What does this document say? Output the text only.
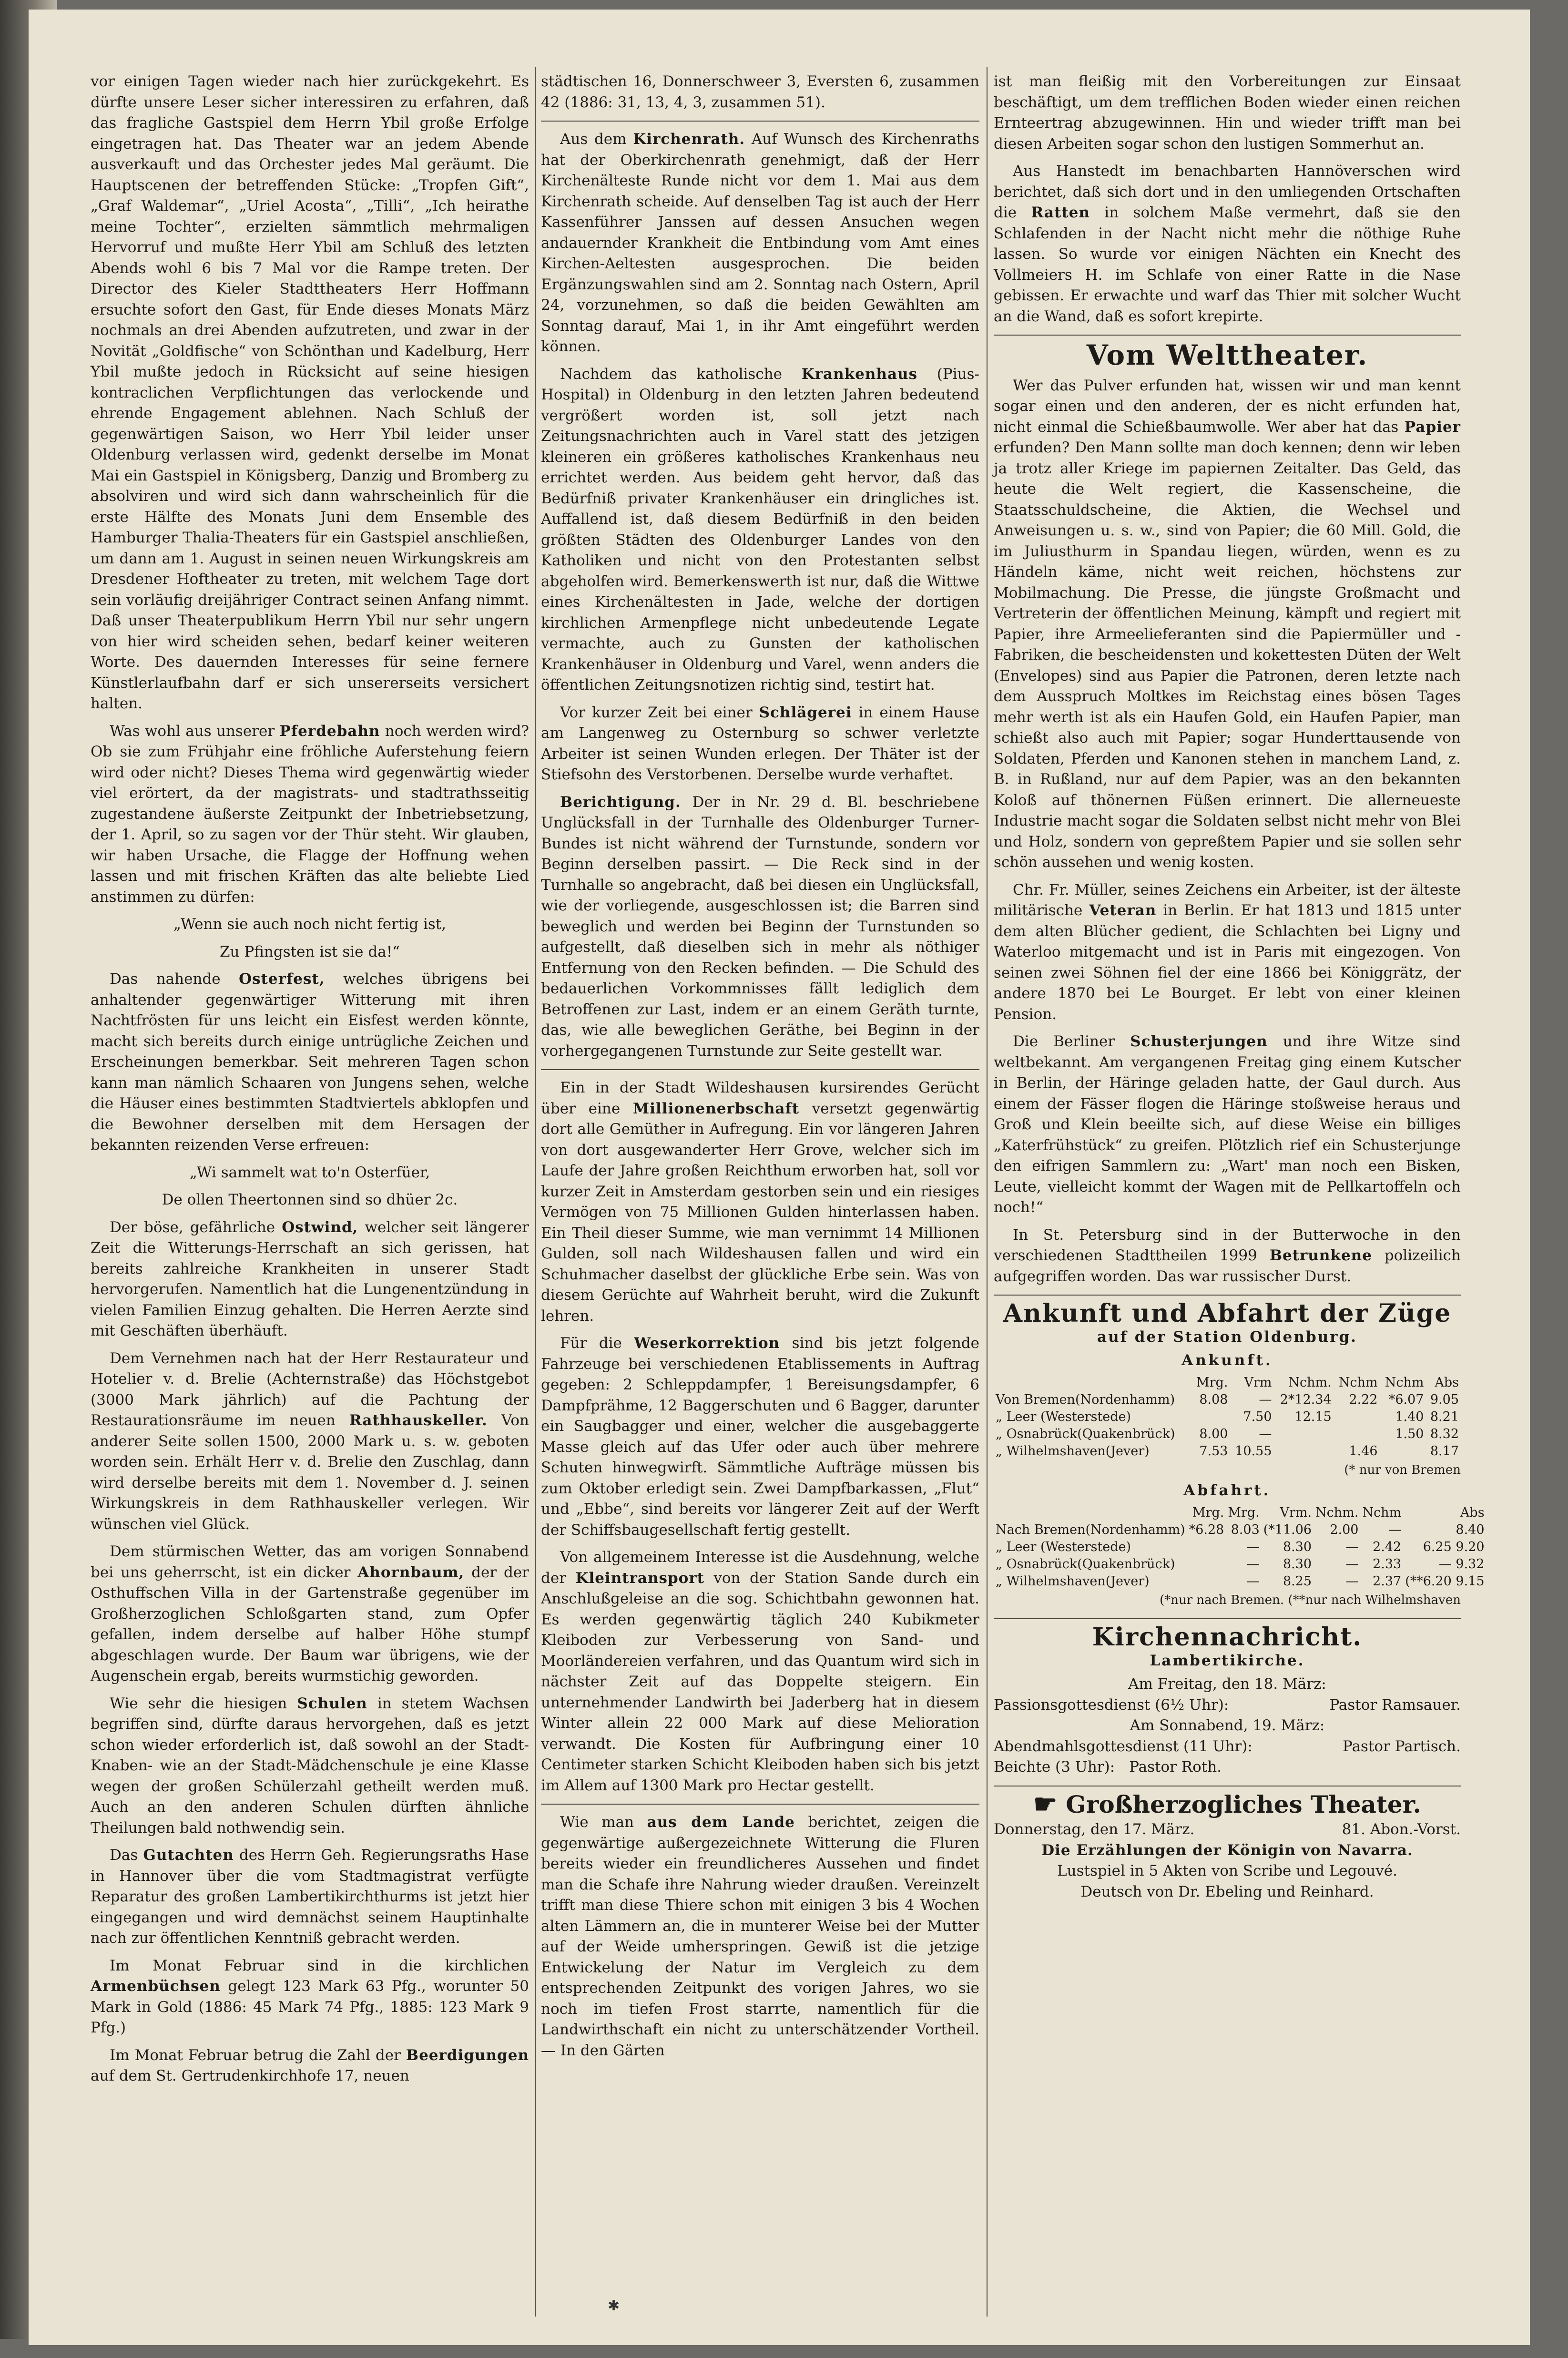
vor einigen Tagen wieder nach hier zurückgekehrt. Es dürfte unsere Leser sicher interessiren zu erfahren, daß das fragliche Gastspiel dem Herrn Ybil große Erfolge eingetragen hat. Das Theater war an jedem Abende ausverkauft und das Orchester jedes Mal geräumt. Die Hauptscenen der betreffenden Stücke: „Tropfen Gift“, „Graf Waldemar“, „Uriel Acosta“, „Tilli“, „Ich heirathe meine Tochter“, erzielten sämmtlich mehrmaligen Hervorruf und mußte Herr Ybil am Schluß des letzten Abends wohl 6 bis 7 Mal vor die Rampe treten. Der Director des Kieler Stadttheaters Herr Hoffmann ersuchte sofort den Gast, für Ende dieses Monats März nochmals an drei Abenden aufzutreten, und zwar in der Novität „Goldfische“ von Schönthan und Kadelburg, Herr Ybil mußte jedoch in Rücksicht auf seine hiesigen kontraclichen Verpflichtungen das verlockende und ehrende Engagement ablehnen. Nach Schluß der gegenwärtigen Saison, wo Herr Ybil leider unser Oldenburg verlassen wird, gedenkt derselbe im Monat Mai ein Gastspiel in Königsberg, Danzig und Bromberg zu absolviren und wird sich dann wahrscheinlich für die erste Hälfte des Monats Juni dem Ensemble des Hamburger Thalia-Theaters für ein Gastspiel anschließen, um dann am 1. August in seinen neuen Wirkungskreis am Dresdener Hoftheater zu treten, mit welchem Tage dort sein vorläufig dreijähriger Contract seinen Anfang nimmt. Daß unser Theaterpublikum Herrn Ybil nur sehr ungern von hier wird scheiden sehen, bedarf keiner weiteren Worte. Des dauernden Interesses für seine fernere Künstlerlaufbahn darf er sich unsererseits versichert halten.

Was wohl aus unserer Pferdebahn noch werden wird? Ob sie zum Frühjahr eine fröhliche Auferstehung feiern wird oder nicht? Dieses Thema wird gegenwärtig wieder viel erörtert, da der magistrats- und stadtrathsseitig zugestandene äußerste Zeitpunkt der Inbetriebsetzung, der 1. April, so zu sagen vor der Thür steht. Wir glauben, wir haben Ursache, die Flagge der Hoffnung wehen lassen und mit frischen Kräften das alte beliebte Lied anstimmen zu dürfen:

„Wenn sie auch noch nicht fertig ist,

Zu Pfingsten ist sie da!“

Das nahende Osterfest, welches übrigens bei anhaltender gegenwärtiger Witterung mit ihren Nachtfrösten für uns leicht ein Eisfest werden könnte, macht sich bereits durch einige untrügliche Zeichen und Erscheinungen bemerkbar. Seit mehreren Tagen schon kann man nämlich Schaaren von Jungens sehen, welche die Häuser eines bestimmten Stadtviertels abklopfen und die Bewohner derselben mit dem Hersagen der bekannten reizenden Verse erfreuen:

„Wi sammelt wat to'n Osterfüer,

De ollen Theertonnen sind so dhüer 2c.

Der böse, gefährliche Ostwind, welcher seit längerer Zeit die Witterungs-Herrschaft an sich gerissen, hat bereits zahlreiche Krankheiten in unserer Stadt hervorgerufen. Namentlich hat die Lungenentzündung in vielen Familien Einzug gehalten. Die Herren Aerzte sind mit Geschäften überhäuft.

Dem Vernehmen nach hat der Herr Restaurateur und Hotelier v. d. Brelie (Achternstraße) das Höchstgebot (3000 Mark jährlich) auf die Pachtung der Restaurationsräume im neuen Rathhauskeller. Von anderer Seite sollen 1500, 2000 Mark u. s. w. geboten worden sein. Erhält Herr v. d. Brelie den Zuschlag, dann wird derselbe bereits mit dem 1. November d. J. seinen Wirkungskreis in dem Rathhauskeller verlegen. Wir wünschen viel Glück.

Dem stürmischen Wetter, das am vorigen Sonnabend bei uns geherrscht, ist ein dicker Ahornbaum, der der Osthuffschen Villa in der Gartenstraße gegenüber im Großherzoglichen Schloßgarten stand, zum Opfer gefallen, indem derselbe auf halber Höhe stumpf abgeschlagen wurde. Der Baum war übrigens, wie der Augenschein ergab, bereits wurmstichig geworden.

Wie sehr die hiesigen Schulen in stetem Wachsen begriffen sind, dürfte daraus hervorgehen, daß es jetzt schon wieder erforderlich ist, daß sowohl an der Stadt-Knaben- wie an der Stadt-Mädchenschule je eine Klasse wegen der großen Schülerzahl getheilt werden muß. Auch an den anderen Schulen dürften ähnliche Theilungen bald nothwendig sein.

Das Gutachten des Herrn Geh. Regierungsraths Hase in Hannover über die vom Stadtmagistrat verfügte Reparatur des großen Lambertikirchthurms ist jetzt hier eingegangen und wird demnächst seinem Hauptinhalte nach zur öffentlichen Kenntniß gebracht werden.

Im Monat Februar sind in die kirchlichen Armenbüchsen gelegt 123 Mark 63 Pfg., worunter 50 Mark in Gold (1886: 45 Mark 74 Pfg., 1885: 123 Mark 9 Pfg.)

Im Monat Februar betrug die Zahl der Beerdigungen auf dem St. Gertrudenkirchhofe 17, neuen

städtischen 16, Donnerschweer 3, Eversten 6, zusammen 42 (1886: 31, 13, 4, 3, zusammen 51).

Aus dem Kirchenrath. Auf Wunsch des Kirchenraths hat der Oberkirchenrath genehmigt, daß der Herr Kirchenälteste Runde nicht vor dem 1. Mai aus dem Kirchenrath scheide. Auf denselben Tag ist auch der Herr Kassenführer Janssen auf dessen Ansuchen wegen andauernder Krankheit die Entbindung vom Amt eines Kirchen-Aeltesten ausgesprochen. Die beiden Ergänzungswahlen sind am 2. Sonntag nach Ostern, April 24, vorzunehmen, so daß die beiden Gewählten am Sonntag darauf, Mai 1, in ihr Amt eingeführt werden können.

Nachdem das katholische Krankenhaus (Pius-Hospital) in Oldenburg in den letzten Jahren bedeutend vergrößert worden ist, soll jetzt nach Zeitungsnachrichten auch in Varel statt des jetzigen kleineren ein größeres katholisches Krankenhaus neu errichtet werden. Aus beidem geht hervor, daß das Bedürfniß privater Krankenhäuser ein dringliches ist. Auffallend ist, daß diesem Bedürfniß in den beiden größten Städten des Oldenburger Landes von den Katholiken und nicht von den Protestanten selbst abgeholfen wird. Bemerkenswerth ist nur, daß die Wittwe eines Kirchenältesten in Jade, welche der dortigen kirchlichen Armenpflege nicht unbedeutende Legate vermachte, auch zu Gunsten der katholischen Krankenhäuser in Oldenburg und Varel, wenn anders die öffentlichen Zeitungsnotizen richtig sind, testirt hat.

Vor kurzer Zeit bei einer Schlägerei in einem Hause am Langenweg zu Osternburg so schwer verletzte Arbeiter ist seinen Wunden erlegen. Der Thäter ist der Stiefsohn des Verstorbenen. Derselbe wurde verhaftet.

Berichtigung. Der in Nr. 29 d. Bl. beschriebene Unglücksfall in der Turnhalle des Oldenburger Turner-Bundes ist nicht während der Turnstunde, sondern vor Beginn derselben passirt. — Die Reck sind in der Turnhalle so angebracht, daß bei diesen ein Unglücksfall, wie der vorliegende, ausgeschlossen ist; die Barren sind beweglich und werden bei Beginn der Turnstunden so aufgestellt, daß dieselben sich in mehr als nöthiger Entfernung von den Recken befinden. — Die Schuld des bedauerlichen Vorkommnisses fällt lediglich dem Betroffenen zur Last, indem er an einem Geräth turnte, das, wie alle beweglichen Geräthe, bei Beginn in der vorhergegangenen Turnstunde zur Seite gestellt war.

Ein in der Stadt Wildeshausen kursirendes Gerücht über eine Millionenerbschaft versetzt gegenwärtig dort alle Gemüther in Aufregung. Ein vor längeren Jahren von dort ausgewanderter Herr Grove, welcher sich im Laufe der Jahre großen Reichthum erworben hat, soll vor kurzer Zeit in Amsterdam gestorben sein und ein riesiges Vermögen von 75 Millionen Gulden hinterlassen haben. Ein Theil dieser Summe, wie man vernimmt 14 Millionen Gulden, soll nach Wildeshausen fallen und wird ein Schuhmacher daselbst der glückliche Erbe sein. Was von diesem Gerüchte auf Wahrheit beruht, wird die Zukunft lehren.

Für die Weserkorrektion sind bis jetzt folgende Fahrzeuge bei verschiedenen Etablissements in Auftrag gegeben: 2 Schleppdampfer, 1 Bereisungsdampfer, 6 Dampfprähme, 12 Baggerschuten und 6 Bagger, darunter ein Saugbagger und einer, welcher die ausgebaggerte Masse gleich auf das Ufer oder auch über mehrere Schuten hinwegwirft. Sämmtliche Aufträge müssen bis zum Oktober erledigt sein. Zwei Dampfbarkassen, „Flut“ und „Ebbe“, sind bereits vor längerer Zeit auf der Werft der Schiffsbaugesellschaft fertig gestellt.

Von allgemeinem Interesse ist die Ausdehnung, welche der Kleintransport von der Station Sande durch ein Anschlußgeleise an die sog. Schichtbahn gewonnen hat. Es werden gegenwärtig täglich 240 Kubikmeter Kleiboden zur Verbesserung von Sand- und Moorländereien verfahren, und das Quantum wird sich in nächster Zeit auf das Doppelte steigern. Ein unternehmender Landwirth bei Jaderberg hat in diesem Winter allein 22 000 Mark auf diese Melioration verwandt. Die Kosten für Aufbringung einer 10 Centimeter starken Schicht Kleiboden haben sich bis jetzt im Allem auf 1300 Mark pro Hectar gestellt.

Wie man aus dem Lande berichtet, zeigen die gegenwärtige außergezeichnete Witterung die Fluren bereits wieder ein freundlicheres Aussehen und findet man die Schafe ihre Nahrung wieder draußen. Vereinzelt trifft man diese Thiere schon mit einigen 3 bis 4 Wochen alten Lämmern an, die in munterer Weise bei der Mutter auf der Weide umherspringen. Gewiß ist die jetzige Entwickelung der Natur im Vergleich zu dem entsprechenden Zeitpunkt des vorigen Jahres, wo sie noch im tiefen Frost starrte, namentlich für die Landwirthschaft ein nicht zu unterschätzender Vortheil. — In den Gärten

ist man fleißig mit den Vorbereitungen zur Einsaat beschäftigt, um dem trefflichen Boden wieder einen reichen Ernteertrag abzugewinnen. Hin und wieder trifft man bei diesen Arbeiten sogar schon den lustigen Sommerhut an.

Aus Hanstedt im benachbarten Hannöverschen wird berichtet, daß sich dort und in den umliegenden Ortschaften die Ratten in solchem Maße vermehrt, daß sie den Schlafenden in der Nacht nicht mehr die nöthige Ruhe lassen. So wurde vor einigen Nächten ein Knecht des Vollmeiers H. im Schlafe von einer Ratte in die Nase gebissen. Er erwachte und warf das Thier mit solcher Wucht an die Wand, daß es sofort krepirte.

Vom Welttheater.

Wer das Pulver erfunden hat, wissen wir und man kennt sogar einen und den anderen, der es nicht erfunden hat, nicht einmal die Schießbaumwolle. Wer aber hat das Papier erfunden? Den Mann sollte man doch kennen; denn wir leben ja trotz aller Kriege im papiernen Zeitalter. Das Geld, das heute die Welt regiert, die Kassenscheine, die Staatsschuldscheine, die Aktien, die Wechsel und Anweisungen u. s. w., sind von Papier; die 60 Mill. Gold, die im Juliusthurm in Spandau liegen, würden, wenn es zu Händeln käme, nicht weit reichen, höchstens zur Mobilmachung. Die Presse, die jüngste Großmacht und Vertreterin der öffentlichen Meinung, kämpft und regiert mit Papier, ihre Armeelieferanten sind die Papiermüller und -Fabriken, die bescheidensten und kokettesten Düten der Welt (Envelopes) sind aus Papier die Patronen, deren letzte nach dem Ausspruch Moltkes im Reichstag eines bösen Tages mehr werth ist als ein Haufen Gold, ein Haufen Papier, man schießt also auch mit Papier; sogar Hunderttausende von Soldaten, Pferden und Kanonen stehen in manchem Land, z. B. in Rußland, nur auf dem Papier, was an den bekannten Koloß auf thönernen Füßen erinnert. Die allerneueste Industrie macht sogar die Soldaten selbst nicht mehr von Blei und Holz, sondern von gepreßtem Papier und sie sollen sehr schön aussehen und wenig kosten.

Chr. Fr. Müller, seines Zeichens ein Arbeiter, ist der älteste militärische Veteran in Berlin. Er hat 1813 und 1815 unter dem alten Blücher gedient, die Schlachten bei Ligny und Waterloo mitgemacht und ist in Paris mit eingezogen. Von seinen zwei Söhnen fiel der eine 1866 bei Königgrätz, der andere 1870 bei Le Bourget. Er lebt von einer kleinen Pension.

Die Berliner Schusterjungen und ihre Witze sind weltbekannt. Am vergangenen Freitag ging einem Kutscher in Berlin, der Häringe geladen hatte, der Gaul durch. Aus einem der Fässer flogen die Häringe stoßweise heraus und Groß und Klein beeilte sich, auf diese Weise ein billiges „Katerfrühstück“ zu greifen. Plötzlich rief ein Schusterjunge den eifrigen Sammlern zu: „Wart' man noch een Bisken, Leute, vielleicht kommt der Wagen mit de Pellkartoffeln och noch!“

In St. Petersburg sind in der Butterwoche in den verschiedenen Stadttheilen 1999 Betrunkene polizeilich aufgegriffen worden. Das war russischer Durst.

Ankunft und Abfahrt der Züge
auf der Station Oldenburg.
Ankunft.
	Mrg.	Vrm	Nchm.	Nchm	Nchm	Abs
Von Bremen(Nordenhamm)	8.08	—	2*12.34	2.22	*6.07	9.05
„ Leer (Westerstede)		7.50	12.15		1.40	8.21
„ Osnabrück(Quakenbrück)	8.00	—			1.50	8.32
„ Wilhelmshaven(Jever)	7.53	10.55		1.46		8.17
(* nur von Bremen
Abfahrt.
	Mrg.	Mrg.	Vrm.	Nchm.	Nchm	Abs
Nach Bremen(Nordenhamm)	*6.28	8.03	(*11.06	2.00	—	8.40
„ Leer (Westerstede)		—	8.30	—	2.42	6.25 9.20
„ Osnabrück(Quakenbrück)		—	8.30	—	2.33	— 9.32
„ Wilhelmshaven(Jever)		—	8.25	—	2.37	(**6.20 9.15
(*nur nach Bremen. (**nur nach Wilhelmshaven
Kirchennachricht.
Lambertikirche.
Am Freitag, den 18. März:
Passionsgottesdienst (6½ Uhr):	Pastor Ramsauer.
Am Sonnabend, 19. März:
Abendmahlsgottesdienst (11 Uhr):	Pastor Partisch.
Beichte (3 Uhr): Pastor Roth.
☛ Großherzogliches Theater.
Donnerstag, den 17. März.	81. Abon.-Vorst.
Die Erzählungen der Königin von Navarra.
Lustspiel in 5 Akten von Scribe und Legouvé.
Deutsch von Dr. Ebeling und Reinhard.
✱
